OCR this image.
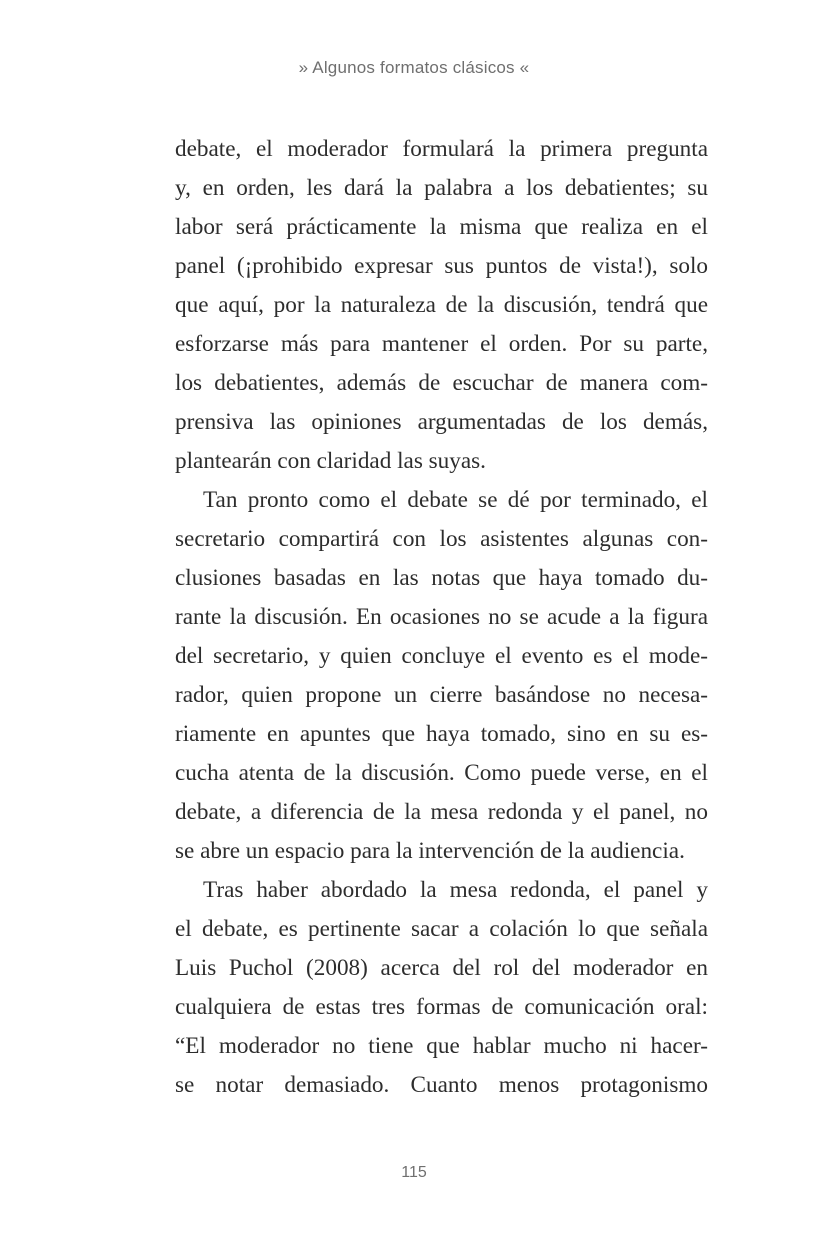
» Algunos formatos clásicos «
debate, el moderador formulará la primera pregunta
y, en orden, les dará la palabra a los debatientes; su
labor será prácticamente la misma que realiza en el
panel (¡prohibido expresar sus puntos de vista!), solo
que aquí, por la naturaleza de la discusión, tendrá que
esforzarse más para mantener el orden. Por su parte,
los debatientes, además de escuchar de manera com-
prensiva las opiniones argumentadas de los demás,
plantearán con claridad las suyas.
Tan pronto como el debate se dé por terminado, el
secretario compartirá con los asistentes algunas con-
clusiones basadas en las notas que haya tomado du-
rante la discusión. En ocasiones no se acude a la figura
del secretario, y quien concluye el evento es el mode-
rador, quien propone un cierre basándose no necesa-
riamente en apuntes que haya tomado, sino en su es-
cucha atenta de la discusión. Como puede verse, en el
debate, a diferencia de la mesa redonda y el panel, no
se abre un espacio para la intervención de la audiencia.
Tras haber abordado la mesa redonda, el panel y
el debate, es pertinente sacar a colación lo que señala
Luis Puchol (2008) acerca del rol del moderador en
cualquiera de estas tres formas de comunicación oral:
“El moderador no tiene que hablar mucho ni hacer-
se notar demasiado. Cuanto menos protagonismo
115
